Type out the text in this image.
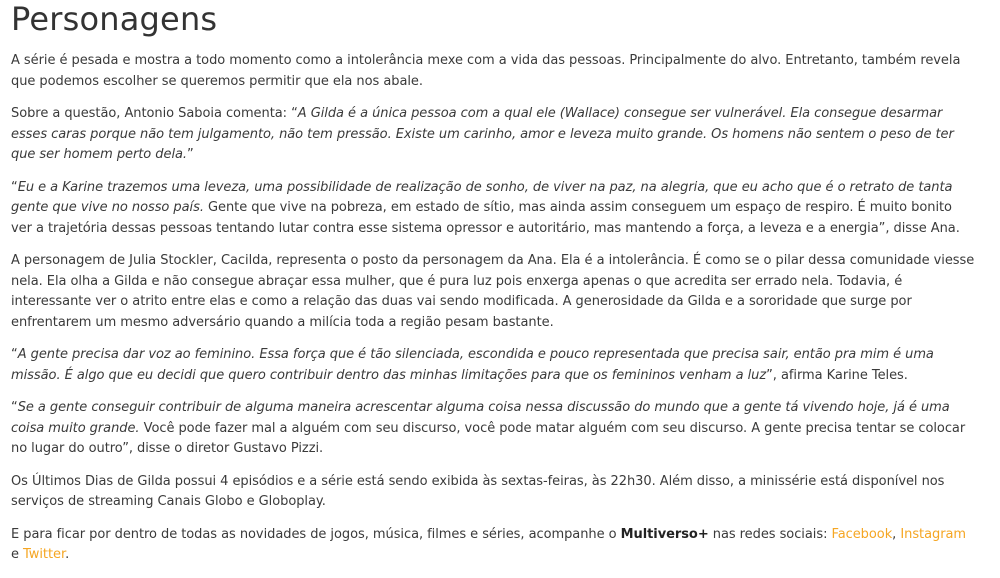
Personagens

A série é pesada e mostra a todo momento como a intolerância mexe com a vida das pessoas. Principalmente do alvo. Entretanto, também revela que podemos escolher se queremos permitir que ela nos abale.

Sobre a questão, Antonio Saboia comenta: “A Gilda é a única pessoa com a qual ele (Wallace) consegue ser vulnerável. Ela consegue desarmar esses caras porque não tem julgamento, não tem pressão. Existe um carinho, amor e leveza muito grande. Os homens não sentem o peso de ter que ser homem perto dela.”

“Eu e a Karine trazemos uma leveza, uma possibilidade de realização de sonho, de viver na paz, na alegria, que eu acho que é o retrato de tanta gente que vive no nosso país. Gente que vive na pobreza, em estado de sítio, mas ainda assim conseguem um espaço de respiro. É muito bonito ver a trajetória dessas pessoas tentando lutar contra esse sistema opressor e autoritário, mas mantendo a força, a leveza e a energia”, disse Ana.

A personagem de Julia Stockler, Cacilda, representa o posto da personagem da Ana. Ela é a intolerância. É como se o pilar dessa comunidade viesse nela. Ela olha a Gilda e não consegue abraçar essa mulher, que é pura luz pois enxerga apenas o que acredita ser errado nela. Todavia, é interessante ver o atrito entre elas e como a relação das duas vai sendo modificada. A generosidade da Gilda e a sororidade que surge por enfrentarem um mesmo adversário quando a milícia toda a região pesam bastante.

“A gente precisa dar voz ao feminino. Essa força que é tão silenciada, escondida e pouco representada que precisa sair, então pra mim é uma missão. É algo que eu decidi que quero contribuir dentro das minhas limitações para que os femininos venham a luz”, afirma Karine Teles.

“Se a gente conseguir contribuir de alguma maneira acrescentar alguma coisa nessa discussão do mundo que a gente tá vivendo hoje, já é uma coisa muito grande. Você pode fazer mal a alguém com seu discurso, você pode matar alguém com seu discurso. A gente precisa tentar se colocar no lugar do outro”, disse o diretor Gustavo Pizzi.

Os Últimos Dias de Gilda possui 4 episódios e a série está sendo exibida às sextas-feiras, às 22h30. Além disso, a minissérie está disponível nos serviços de streaming Canais Globo e Globoplay.

E para ficar por dentro de todas as novidades de jogos, música, filmes e séries, acompanhe o Multiverso+ nas redes sociais: Facebook, Instagram e Twitter.
